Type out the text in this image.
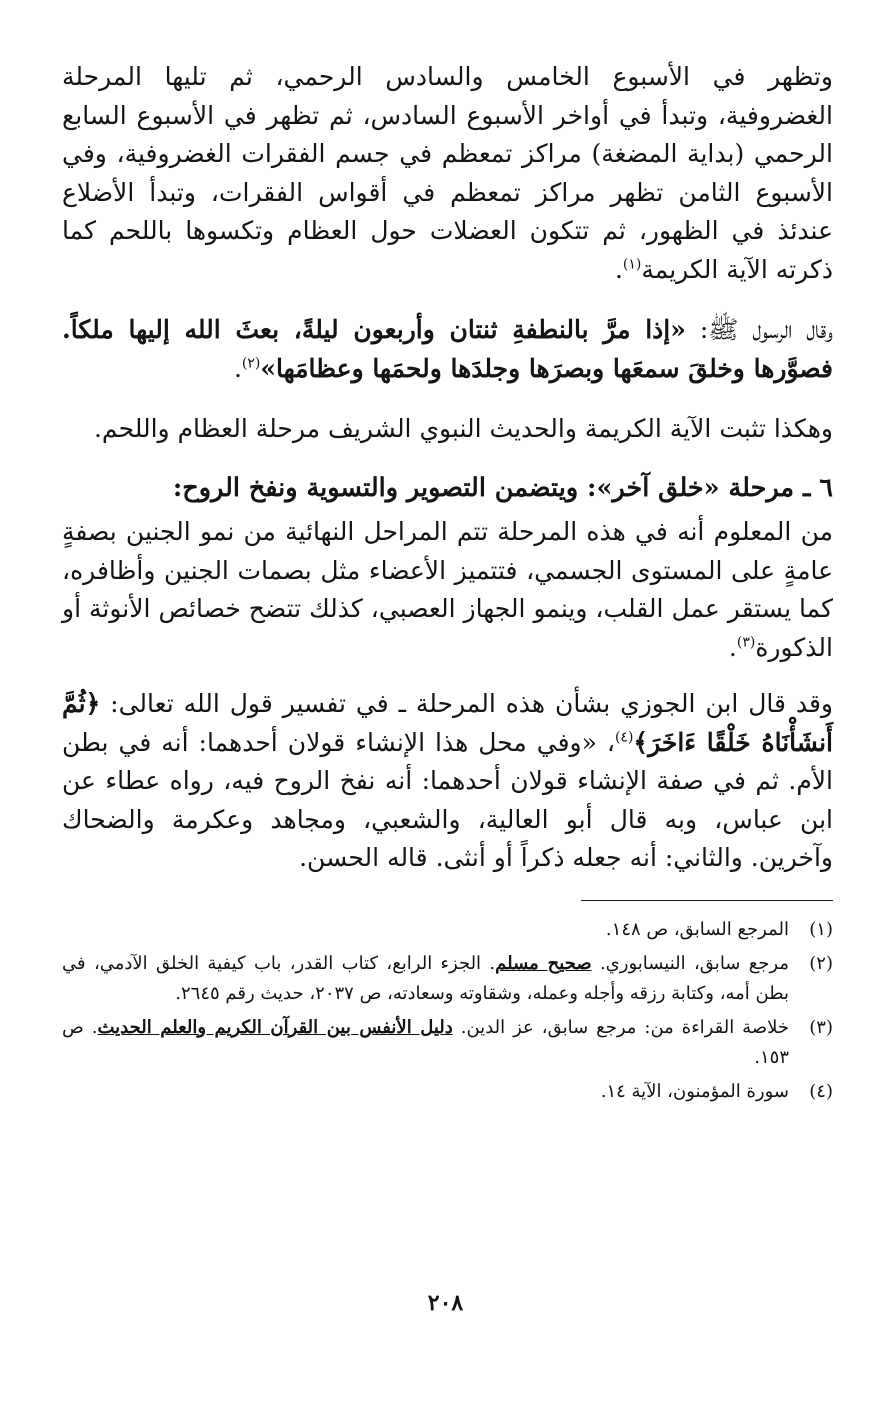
وتظهر في الأسبوع الخامس والسادس الرحمي، ثم تليها المرحلة الغضروفية، وتبدأ في أواخر الأسبوع السادس، ثم تظهر في الأسبوع السابع الرحمي (بداية المضغة) مراكز تمعظم في جسم الفقرات الغضروفية، وفي الأسبوع الثامن تظهر مراكز تمعظم في أقواس الفقرات، وتبدأ الأضلاع عندئذ في الظهور، ثم تتكون العضلات حول العظام وتكسوها باللحم كما ذكرته الآية الكريمة$^{(١)}$.

وقال الرسول ﷺ: «إذا مرَّ بالنطفةِ ثنتان وأربعون ليلةً، بعثَ الله إليها ملكاً. فصوَّرها وخلقَ سمعَها وبصرَها وجلدَها ولحمَها وعظامَها»$^{(٢)}$.

وهكذا تثبت الآية الكريمة والحديث النبوي الشريف مرحلة العظام واللحم.

٦ ـ مرحلة «خلق آخر»: ويتضمن التصوير والتسوية ونفخ الروح:

من المعلوم أنه في هذه المرحلة تتم المراحل النهائية من نمو الجنين بصفةٍ عامةٍ على المستوى الجسمي، فتتميز الأعضاء مثل بصمات الجنين وأظافره، كما يستقر عمل القلب، وينمو الجهاز العصبي، كذلك تتضح خصائص الأنوثة أو الذكورة$^{(٣)}$.

وقد قال ابن الجوزي بشأن هذه المرحلة ـ في تفسير قول الله تعالى: ﴿ثُمَّ أَنشَأْنَاهُ خَلْقًا ءَاخَرَ﴾$^{(٤)}$، «وفي محل هذا الإنشاء قولان أحدهما: أنه في بطن الأم. ثم في صفة الإنشاء قولان أحدهما: أنه نفخ الروح فيه، رواه عطاء عن ابن عباس، وبه قال أبو العالية، والشعبي، ومجاهد وعكرمة والضحاك وآخرين. والثاني: أنه جعله ذكراً أو أنثى. قاله الحسن.

(١)
المرجع السابق، ص ١٤٨.
(٢)
مرجع سابق، النيسابوري. صحيح مسلم. الجزء الرابع، كتاب القدر، باب كيفية الخلق الآدمي، في بطن أمه، وكتابة رزقه وأجله وعمله، وشقاوته وسعادته، ص ٢٠٣٧، حديث رقم ٢٦٤٥.
(٣)
خلاصة القراءة من: مرجع سابق، عز الدين. دليل الأنفس بين القرآن الكريم والعلم الحديث. ص ١٥٣.
(٤)
سورة المؤمنون، الآية ١٤.
٢٠٨
